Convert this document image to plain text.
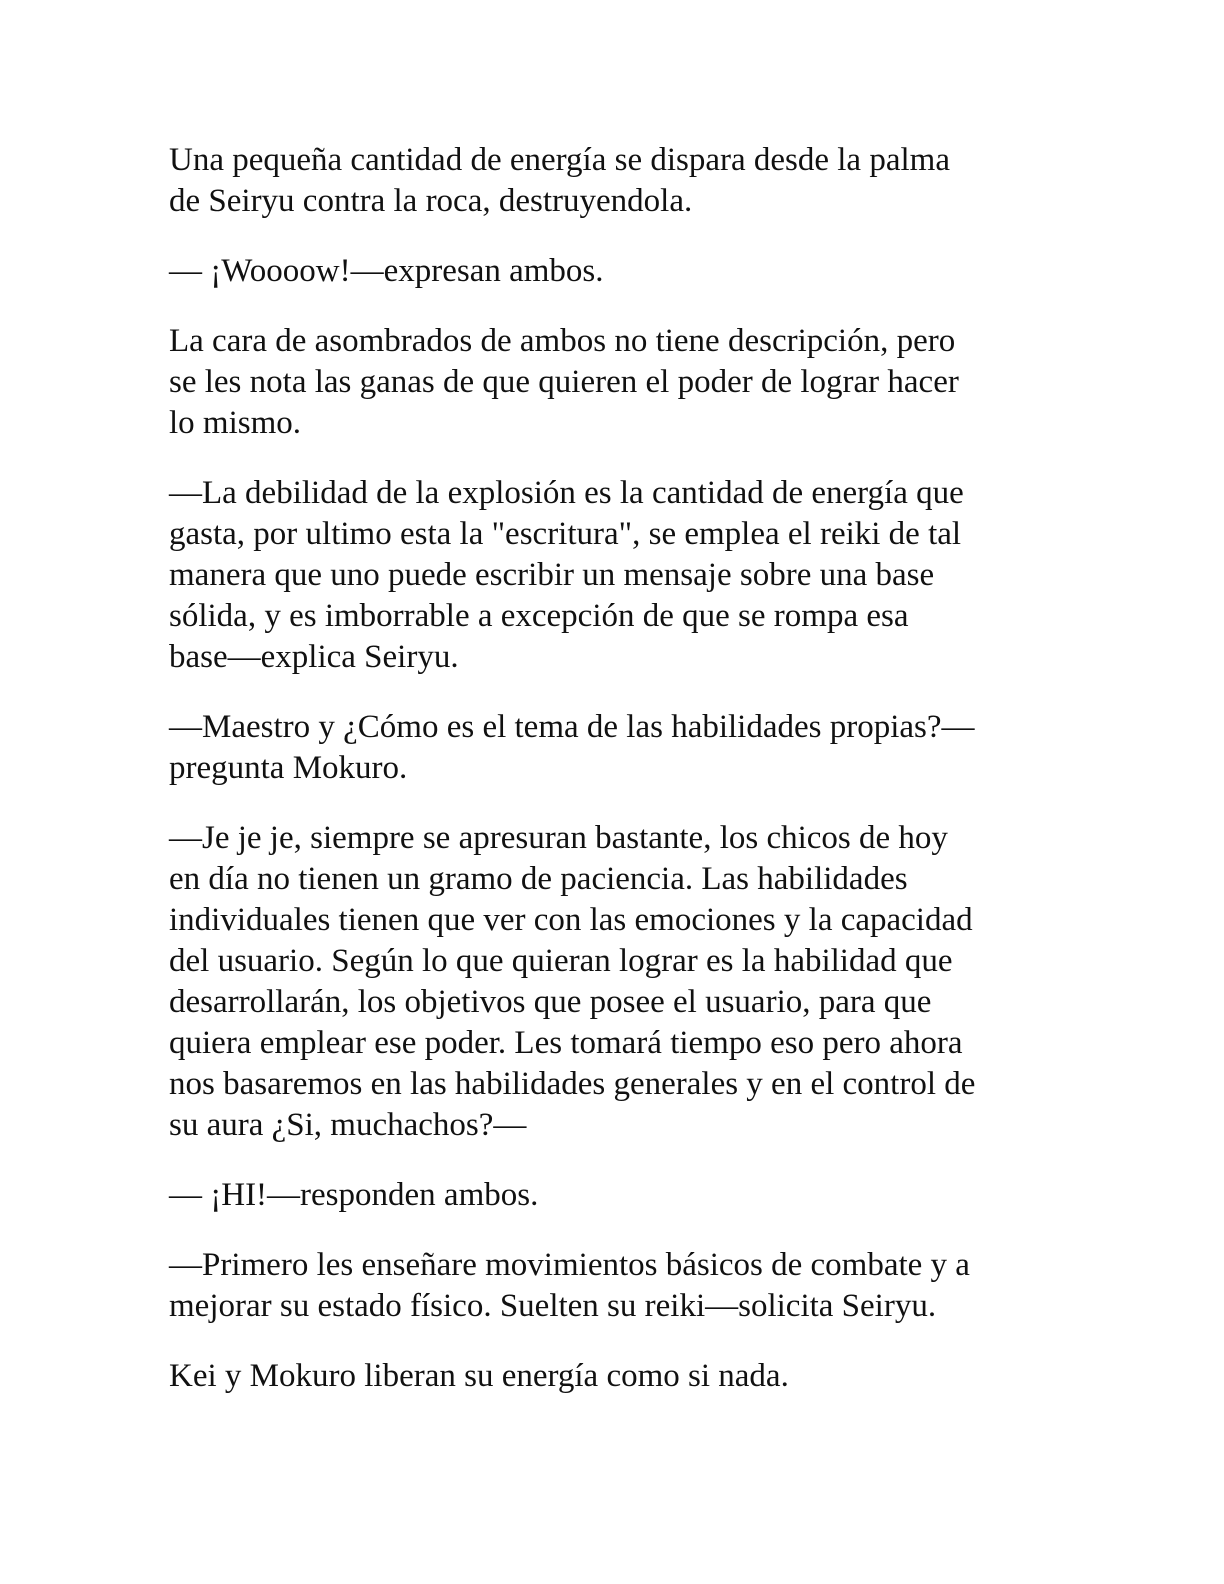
Una pequeña cantidad de energía se dispara desde la palma
de Seiryu contra la roca, destruyendola.

— ¡Woooow!—expresan ambos.

La cara de asombrados de ambos no tiene descripción, pero
se les nota las ganas de que quieren el poder de lograr hacer
lo mismo.

—La debilidad de la explosión es la cantidad de energía que
gasta, por ultimo esta la "escritura", se emplea el reiki de tal
manera que uno puede escribir un mensaje sobre una base
sólida, y es imborrable a excepción de que se rompa esa
base—explica Seiryu.

—Maestro y ¿Cómo es el tema de las habilidades propias?—
pregunta Mokuro.

—Je je je, siempre se apresuran bastante, los chicos de hoy
en día no tienen un gramo de paciencia. Las habilidades
individuales tienen que ver con las emociones y la capacidad
del usuario. Según lo que quieran lograr es la habilidad que
desarrollarán, los objetivos que posee el usuario, para que
quiera emplear ese poder. Les tomará tiempo eso pero ahora
nos basaremos en las habilidades generales y en el control de
su aura ¿Si, muchachos?—

— ¡HI!—responden ambos.

—Primero les enseñare movimientos básicos de combate y a
mejorar su estado físico. Suelten su reiki—solicita Seiryu.

Kei y Mokuro liberan su energía como si nada.
